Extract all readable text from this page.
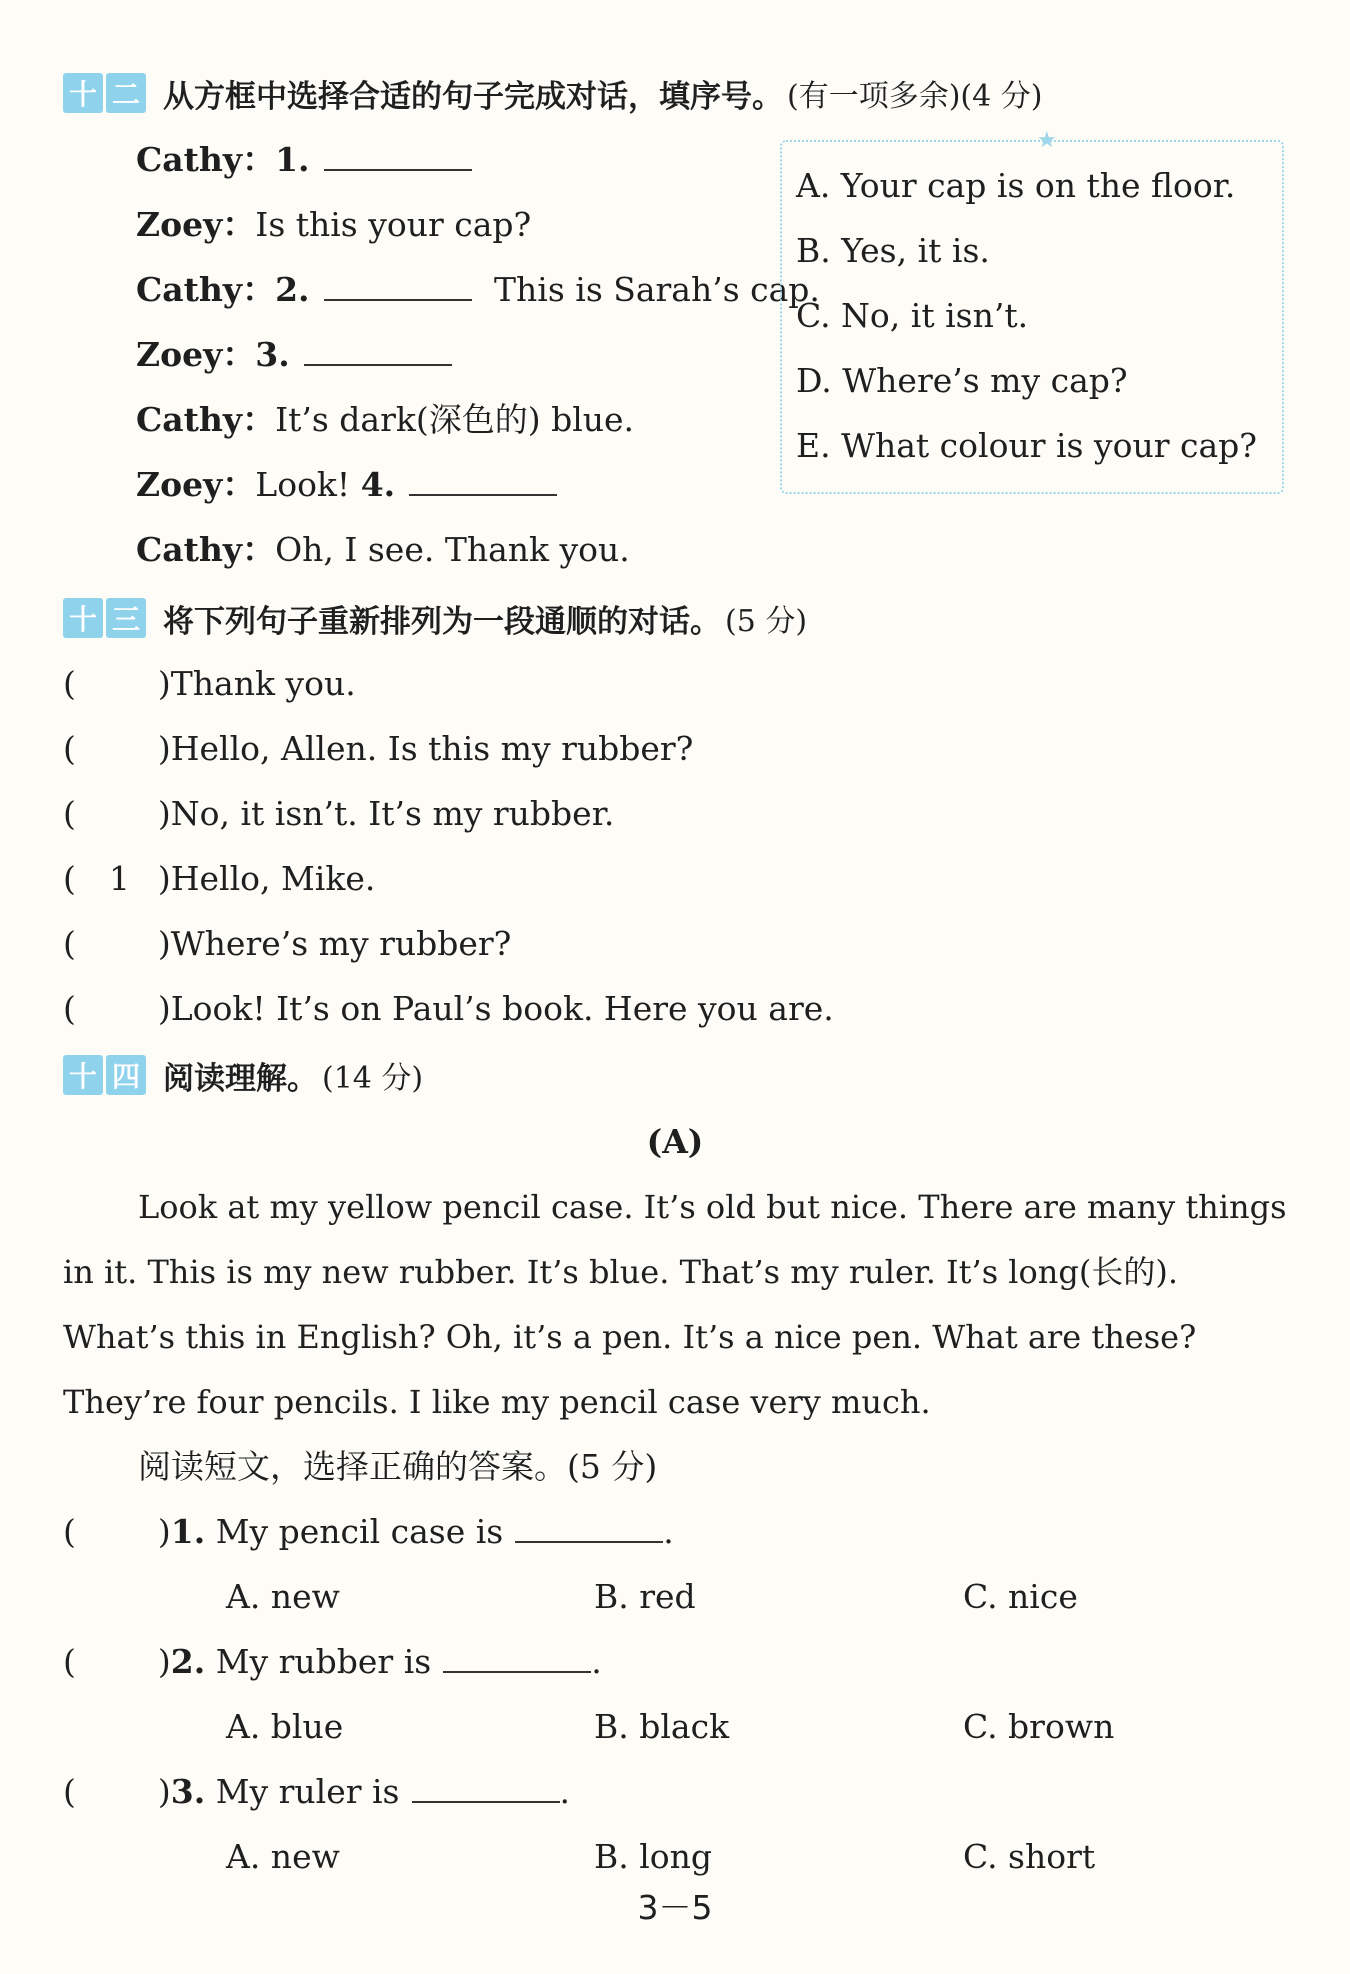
十 二 从方框中选择合适的句子完成对话，填序号。 (有一项多余)(4 分)
Cathy：1.
Zoey：Is this your cap?
Cathy：2.	This is Sarah’s cap.
Zoey：3.
Cathy：It’s dark(深色的) blue.
Zoey：Look! 4.
Cathy：Oh, I see. Thank you.
★
A. Your cap is on the floor.
B. Yes, it is.
C. No, it isn’t.
D. Where’s my cap?
E. What colour is your cap?
十 三 将下列句子重新排列为一段通顺的对话。 (5 分)
( )Thank you.
( )Hello, Allen. Is this my rubber?
( )No, it isn’t. It’s my rubber.
( 1 )Hello, Mike.
( )Where’s my rubber?
( )Look! It’s on Paul’s book. Here you are.
十 四 阅读理解。 (14 分)
(A)
Look at my yellow pencil case. It’s old but nice. There are many things
in it. This is my new rubber. It’s blue. That’s my ruler. It’s long(长的).
What’s this in English? Oh, it’s a pen. It’s a nice pen. What are these?
They’re four pencils. I like my pencil case very much.
阅读短文，选择正确的答案。(5 分)
( )1. My pencil case is	.
A. new	B. red	C. nice
( )2. My rubber is	.
A. blue	B. black	C. brown
( )3. My ruler is	.
A. new	B. long	C. short
3－5
